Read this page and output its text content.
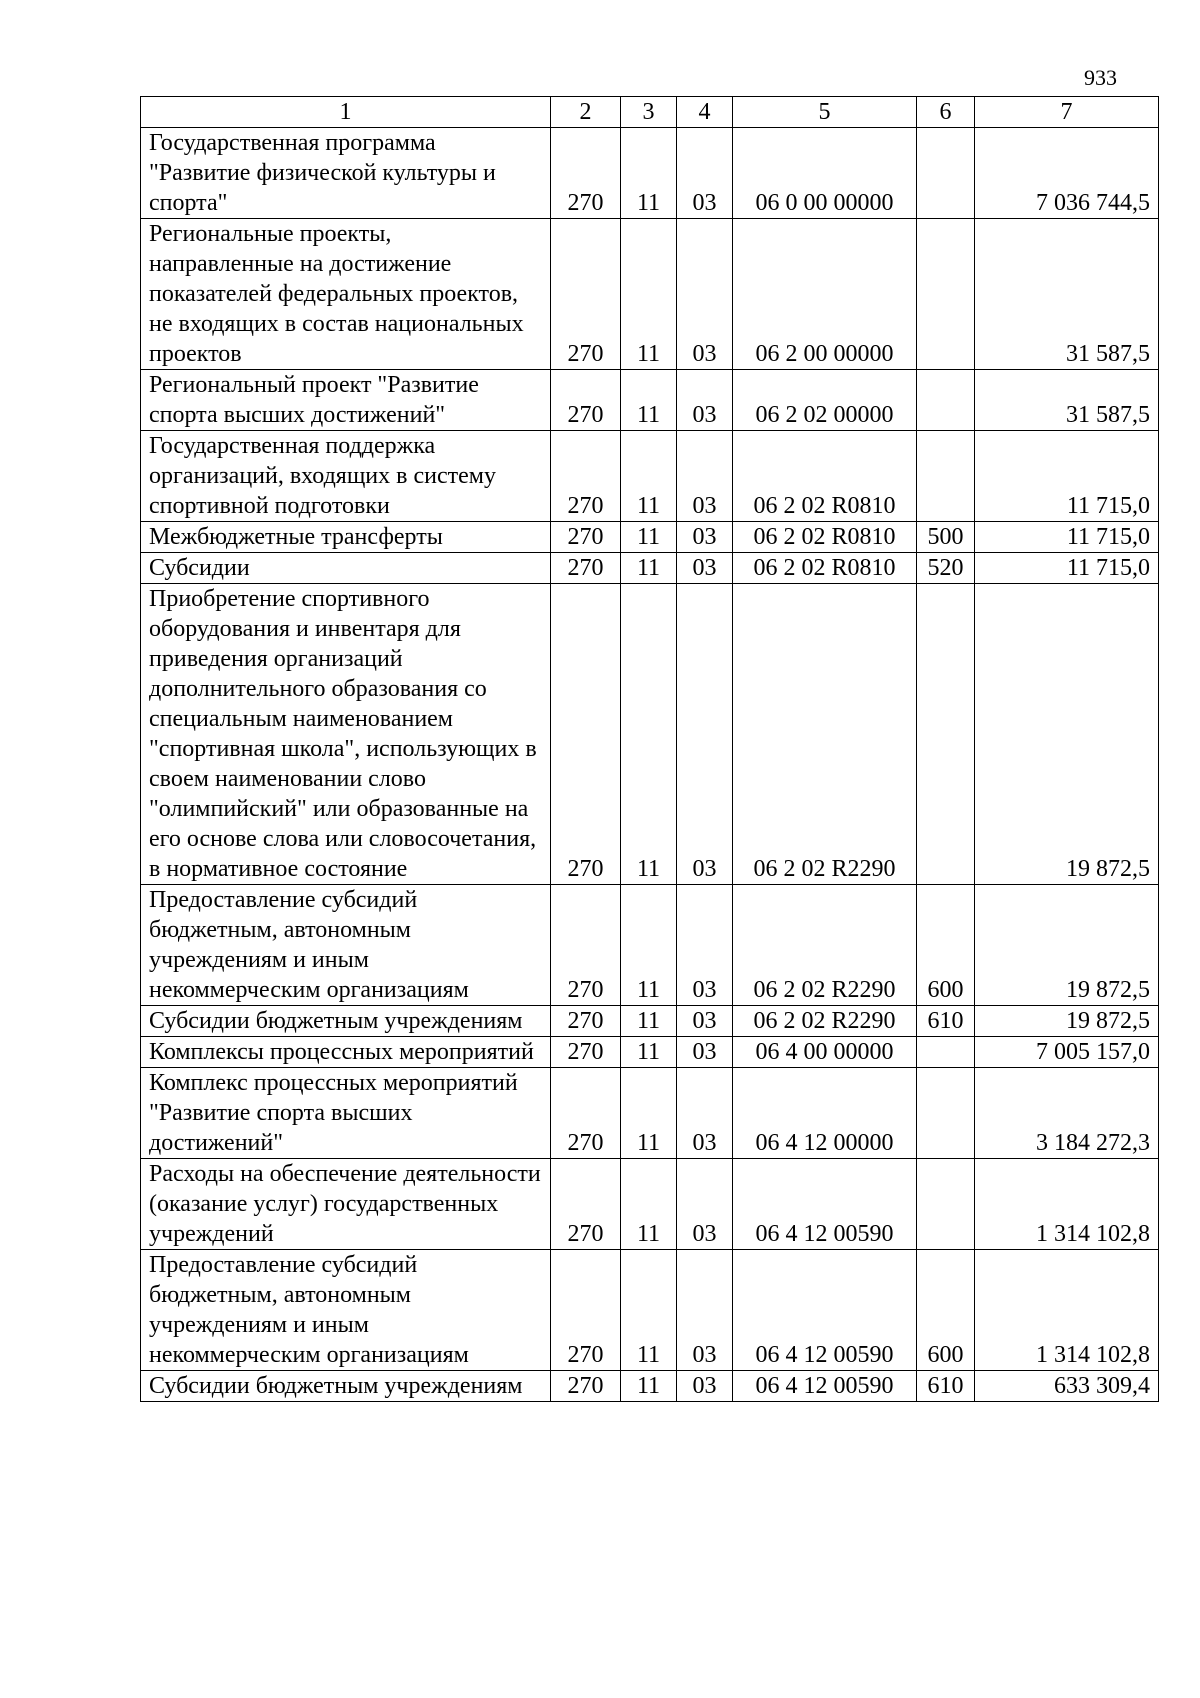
933
1	2	3	4	5	6	7
Государственная программа "Развитие физической культуры и спорта"	270	11	03	06 0 00 00000		7 036 744,5
Региональные проекты, направленные на достижение показателей федеральных проектов, не входящих в состав национальных проектов	270	11	03	06 2 00 00000		31 587,5
Региональный проект "Развитие спорта высших достижений"	270	11	03	06 2 02 00000		31 587,5
Государственная поддержка организаций, входящих в систему спортивной подготовки	270	11	03	06 2 02 R0810		11 715,0
Межбюджетные трансферты	270	11	03	06 2 02 R0810	500	11 715,0
Субсидии	270	11	03	06 2 02 R0810	520	11 715,0
Приобретение спортивного оборудования и инвентаря для приведения организаций дополнительного образования со специальным наименованием "спортивная школа", использующих в своем наименовании слово "олимпийский" или образованные на его основе слова или словосочетания, в нормативное состояние	270	11	03	06 2 02 R2290		19 872,5
Предоставление субсидий бюджетным, автономным учреждениям и иным некоммерческим организациям	270	11	03	06 2 02 R2290	600	19 872,5
Субсидии бюджетным учреждениям	270	11	03	06 2 02 R2290	610	19 872,5
Комплексы процессных мероприятий	270	11	03	06 4 00 00000		7 005 157,0
Комплекс процессных мероприятий "Развитие спорта высших достижений"	270	11	03	06 4 12 00000		3 184 272,3
Расходы на обеспечение деятельности (оказание услуг) государственных учреждений	270	11	03	06 4 12 00590		1 314 102,8
Предоставление субсидий бюджетным, автономным учреждениям и иным некоммерческим организациям	270	11	03	06 4 12 00590	600	1 314 102,8
Субсидии бюджетным учреждениям	270	11	03	06 4 12 00590	610	633 309,4
